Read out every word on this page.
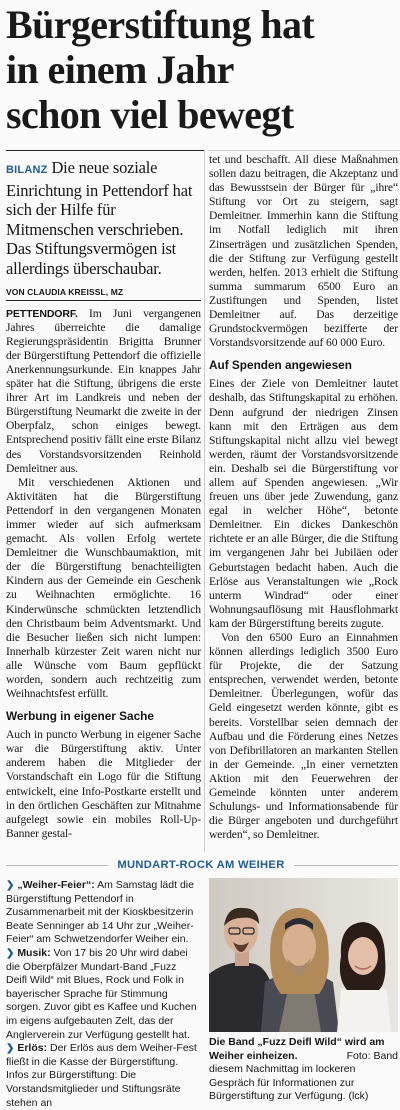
Bürgerstiftung hat
in einem Jahr
schon viel bewegt
BILANZ Die neue soziale Einrichtung in Pettendorf hat sich der Hilfe für Mitmenschen verschrieben. Das Stiftungsvermögen ist allerdings überschaubar.
VON CLAUDIA KREISSL, MZ

PETTENDORF. Im Juni vergangenen Jahres überreichte die damalige Regierungspräsidentin Brigitta Brunner der Bürgerstiftung Pettendorf die offizielle Anerkennungsurkunde. Ein knappes Jahr später hat die Stiftung, übrigens die erste ihrer Art im Landkreis und neben der Bürgerstiftung Neumarkt die zweite in der Oberpfalz, schon einiges bewegt. Entsprechend positiv fällt eine erste Bilanz des Vorstandsvorsitzenden Reinhold Demleitner aus.

Mit verschiedenen Aktionen und Aktivitäten hat die Bürgerstiftung Pettendorf in den vergangenen Monaten immer wieder auf sich aufmerksam gemacht. Als vollen Erfolg wertete Demleitner die Wunschbaumaktion, mit der die Bürgerstiftung benachteiligten Kindern aus der Gemeinde ein Geschenk zu Weihnachten ermöglichte. 16 Kinderwünsche schmückten letztendlich den Christbaum beim Adventsmarkt. Und die Besucher ließen sich nicht lumpen: Innerhalb kürzester Zeit waren nicht nur alle Wünsche vom Baum gepflückt worden, sondern auch rechtzeitig zum Weihnachtsfest erfüllt.

Werbung in eigener Sache

Auch in puncto Werbung in eigener Sache war die Bürgerstiftung aktiv. Unter anderem haben die Mitglieder der Vorstandschaft ein Logo für die Stiftung entwickelt, eine Info-Postkarte erstellt und in den örtlichen Geschäften zur Mitnahme aufgelegt sowie ein mobiles Roll-Up-Banner gestal-

tet und beschafft. All diese Maßnahmen sollen dazu beitragen, die Akzeptanz und das Bewusstsein der Bürger für „ihre“ Stiftung vor Ort zu steigern, sagt Demleitner. Immerhin kann die Stiftung im Notfall lediglich mit ihren Zinserträgen und zusätzlichen Spenden, die der Stiftung zur Verfügung gestellt werden, helfen. 2013 erhielt die Stiftung summa summarum 6500 Euro an Zustiftungen und Spenden, listet Demleitner auf. Das derzeitige Grundstockvermögen bezifferte der Vorstandsvorsitzende auf 60 000 Euro.

Auf Spenden angewiesen

Eines der Ziele von Demleitner lautet deshalb, das Stiftungskapital zu erhöhen. Denn aufgrund der niedrigen Zinsen kann mit den Erträgen aus dem Stiftungskapital nicht allzu viel bewegt werden, räumt der Vorstandsvorsitzende ein. Deshalb sei die Bürgerstiftung vor allem auf Spenden angewiesen. „Wir freuen uns über jede Zuwendung, ganz egal in welcher Höhe“, betonte Demleitner. Ein dickes Dankeschön richtete er an alle Bürger, die die Stiftung im vergangenen Jahr bei Jubiläen oder Geburtstagen bedacht haben. Auch die Erlöse aus Veranstaltungen wie „Rock unterm Windrad“ oder einer Wohnungsauflösung mit Hausflohmarkt kam der Bürgerstiftung bereits zugute.

Von den 6500 Euro an Einnahmen können allerdings lediglich 3500 Euro für Projekte, die der Satzung entsprechen, verwendet werden, betonte Demleitner. Überlegungen, wofür das Geld eingesetzt werden könnte, gibt es bereits. Vorstellbar seien demnach der Aufbau und die Förderung eines Netzes von Defibrillatoren an markanten Stellen in der Gemeinde. „In einer vernetzten Aktion mit den Feuerwehren der Gemeinde könnten unter anderem Schulungs- und Informationsabende für die Bürger angeboten und durchgeführt werden“, so Demleitner.

MUNDART-ROCK AM WEIHER

❯ „Weiher-Feier“: Am Samstag lädt die Bürgerstiftung Pettendorf in Zusammenarbeit mit der Kioskbesitzerin Beate Senninger ab 14 Uhr zur „Weiher-Feier“ am Schwetzendorfer Weiher ein.

❯ Musik: Von 17 bis 20 Uhr wird dabei die Oberpfälzer Mundart-Band „Fuzz Deifl Wild“ mit Blues, Rock und Folk in bayerischer Sprache für Stimmung sorgen. Zuvor gibt es Kaffee und Kuchen im eigens aufgebauten Zelt, das der Anglerverein zur Verfügung gestellt hat.

❯ Erlös: Der Erlös aus dem Weiher-Fest fließt in die Kasse der Bürgerstiftung. Infos zur Bürgerstiftung: Die Vorstandsmitglieder und Stiftungsräte stehen an

Die Band „Fuzz Deifl Wild“ wird am Weiher einheizen.	Foto: Band
diesem Nachmittag im lockeren Gespräch für Informationen zur Bürgerstiftung zur Verfügung. (lck)
